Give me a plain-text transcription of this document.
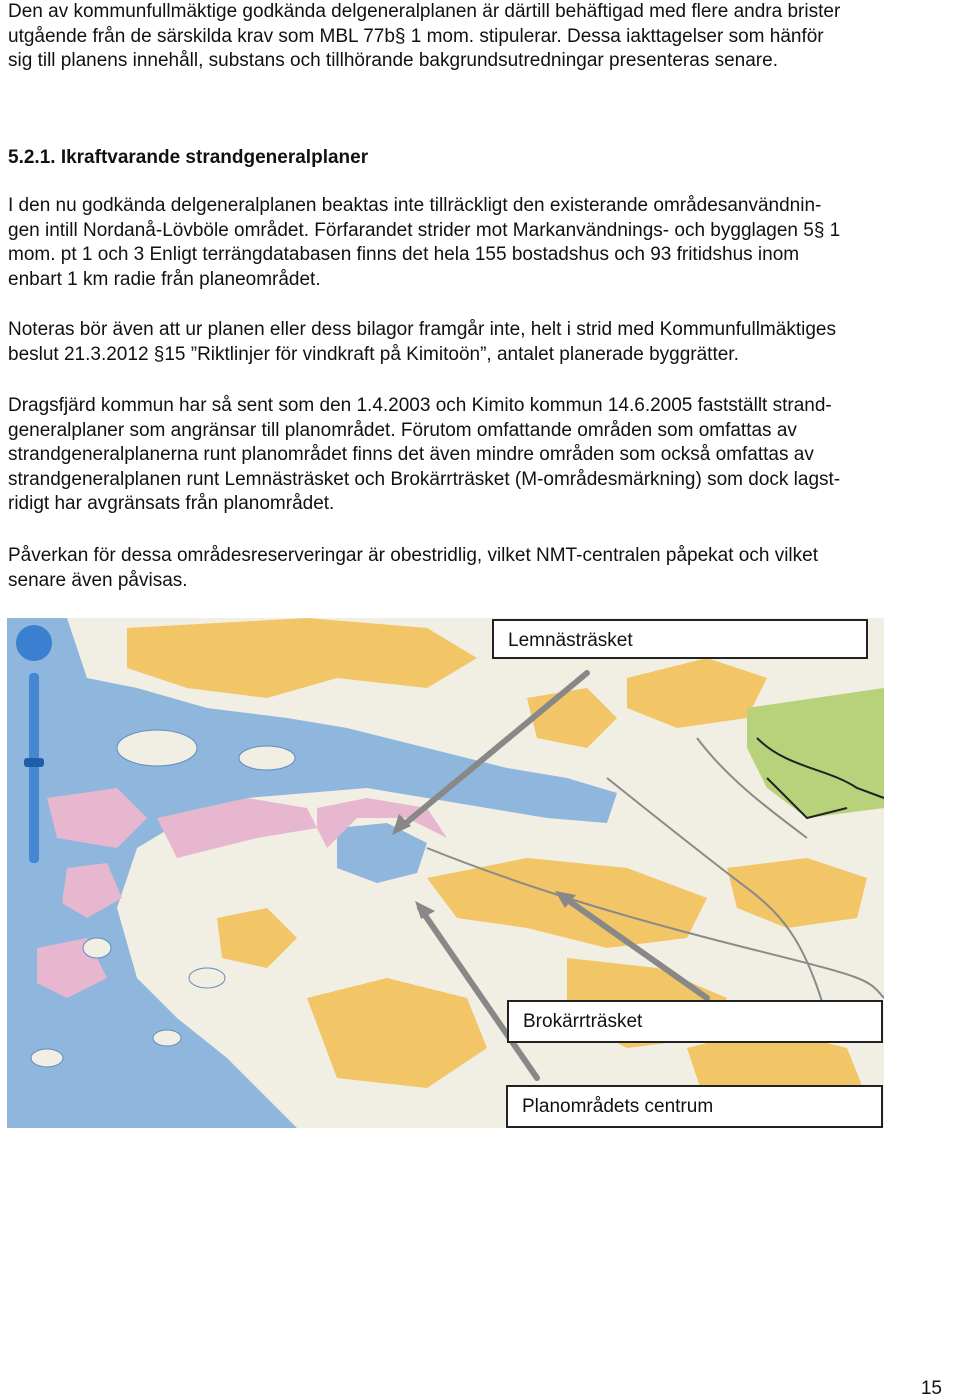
Den av kommunfullmäktige godkända delgeneralplanen är därtill behäftigad med flere andra brister
utgående från de särskilda krav som MBL 77b§ 1 mom. stipulerar. Dessa iakttagelser som hänför
sig till planens innehåll, substans och tillhörande bakgrundsutredningar presenteras senare.
5.2.1. Ikraftvarande strandgeneralplaner
I den nu godkända delgeneralplanen beaktas inte tillräckligt den existerande områdesanvändnin-
gen intill Nordanå-Lövböle området. Förfarandet strider mot Markanvändnings- och bygglagen 5§ 1
mom. pt 1 och 3 Enligt terrängdatabasen finns det hela 155 bostadshus och 93 fritidshus inom
enbart 1 km radie från planeområdet.
Noteras bör även att ur planen eller dess bilagor framgår inte, helt i strid med Kommunfullmäktiges
beslut 21.3.2012 §15 ”Riktlinjer för vindkraft på Kimitoön”, antalet planerade byggrätter.
Dragsfjärd kommun har så sent som den 1.4.2003 och Kimito kommun 14.6.2005 fastställt strand-
generalplaner som angränsar till planområdet. Förutom omfattande områden som omfattas av
strandgeneralplanerna runt planområdet finns det även mindre områden som också omfattas av
strandgeneralplanen runt Lemnästräsket och Brokärrträsket (M-områdesmärkning) som dock lagst-
ridigt har avgränsats från planområdet.
Påverkan för dessa områdesreserveringar är obestridlig, vilket NMT-centralen påpekat och vilket
senare även påvisas.
Lemnästräsket
Brokärrträsket
Planområdets centrum
15
